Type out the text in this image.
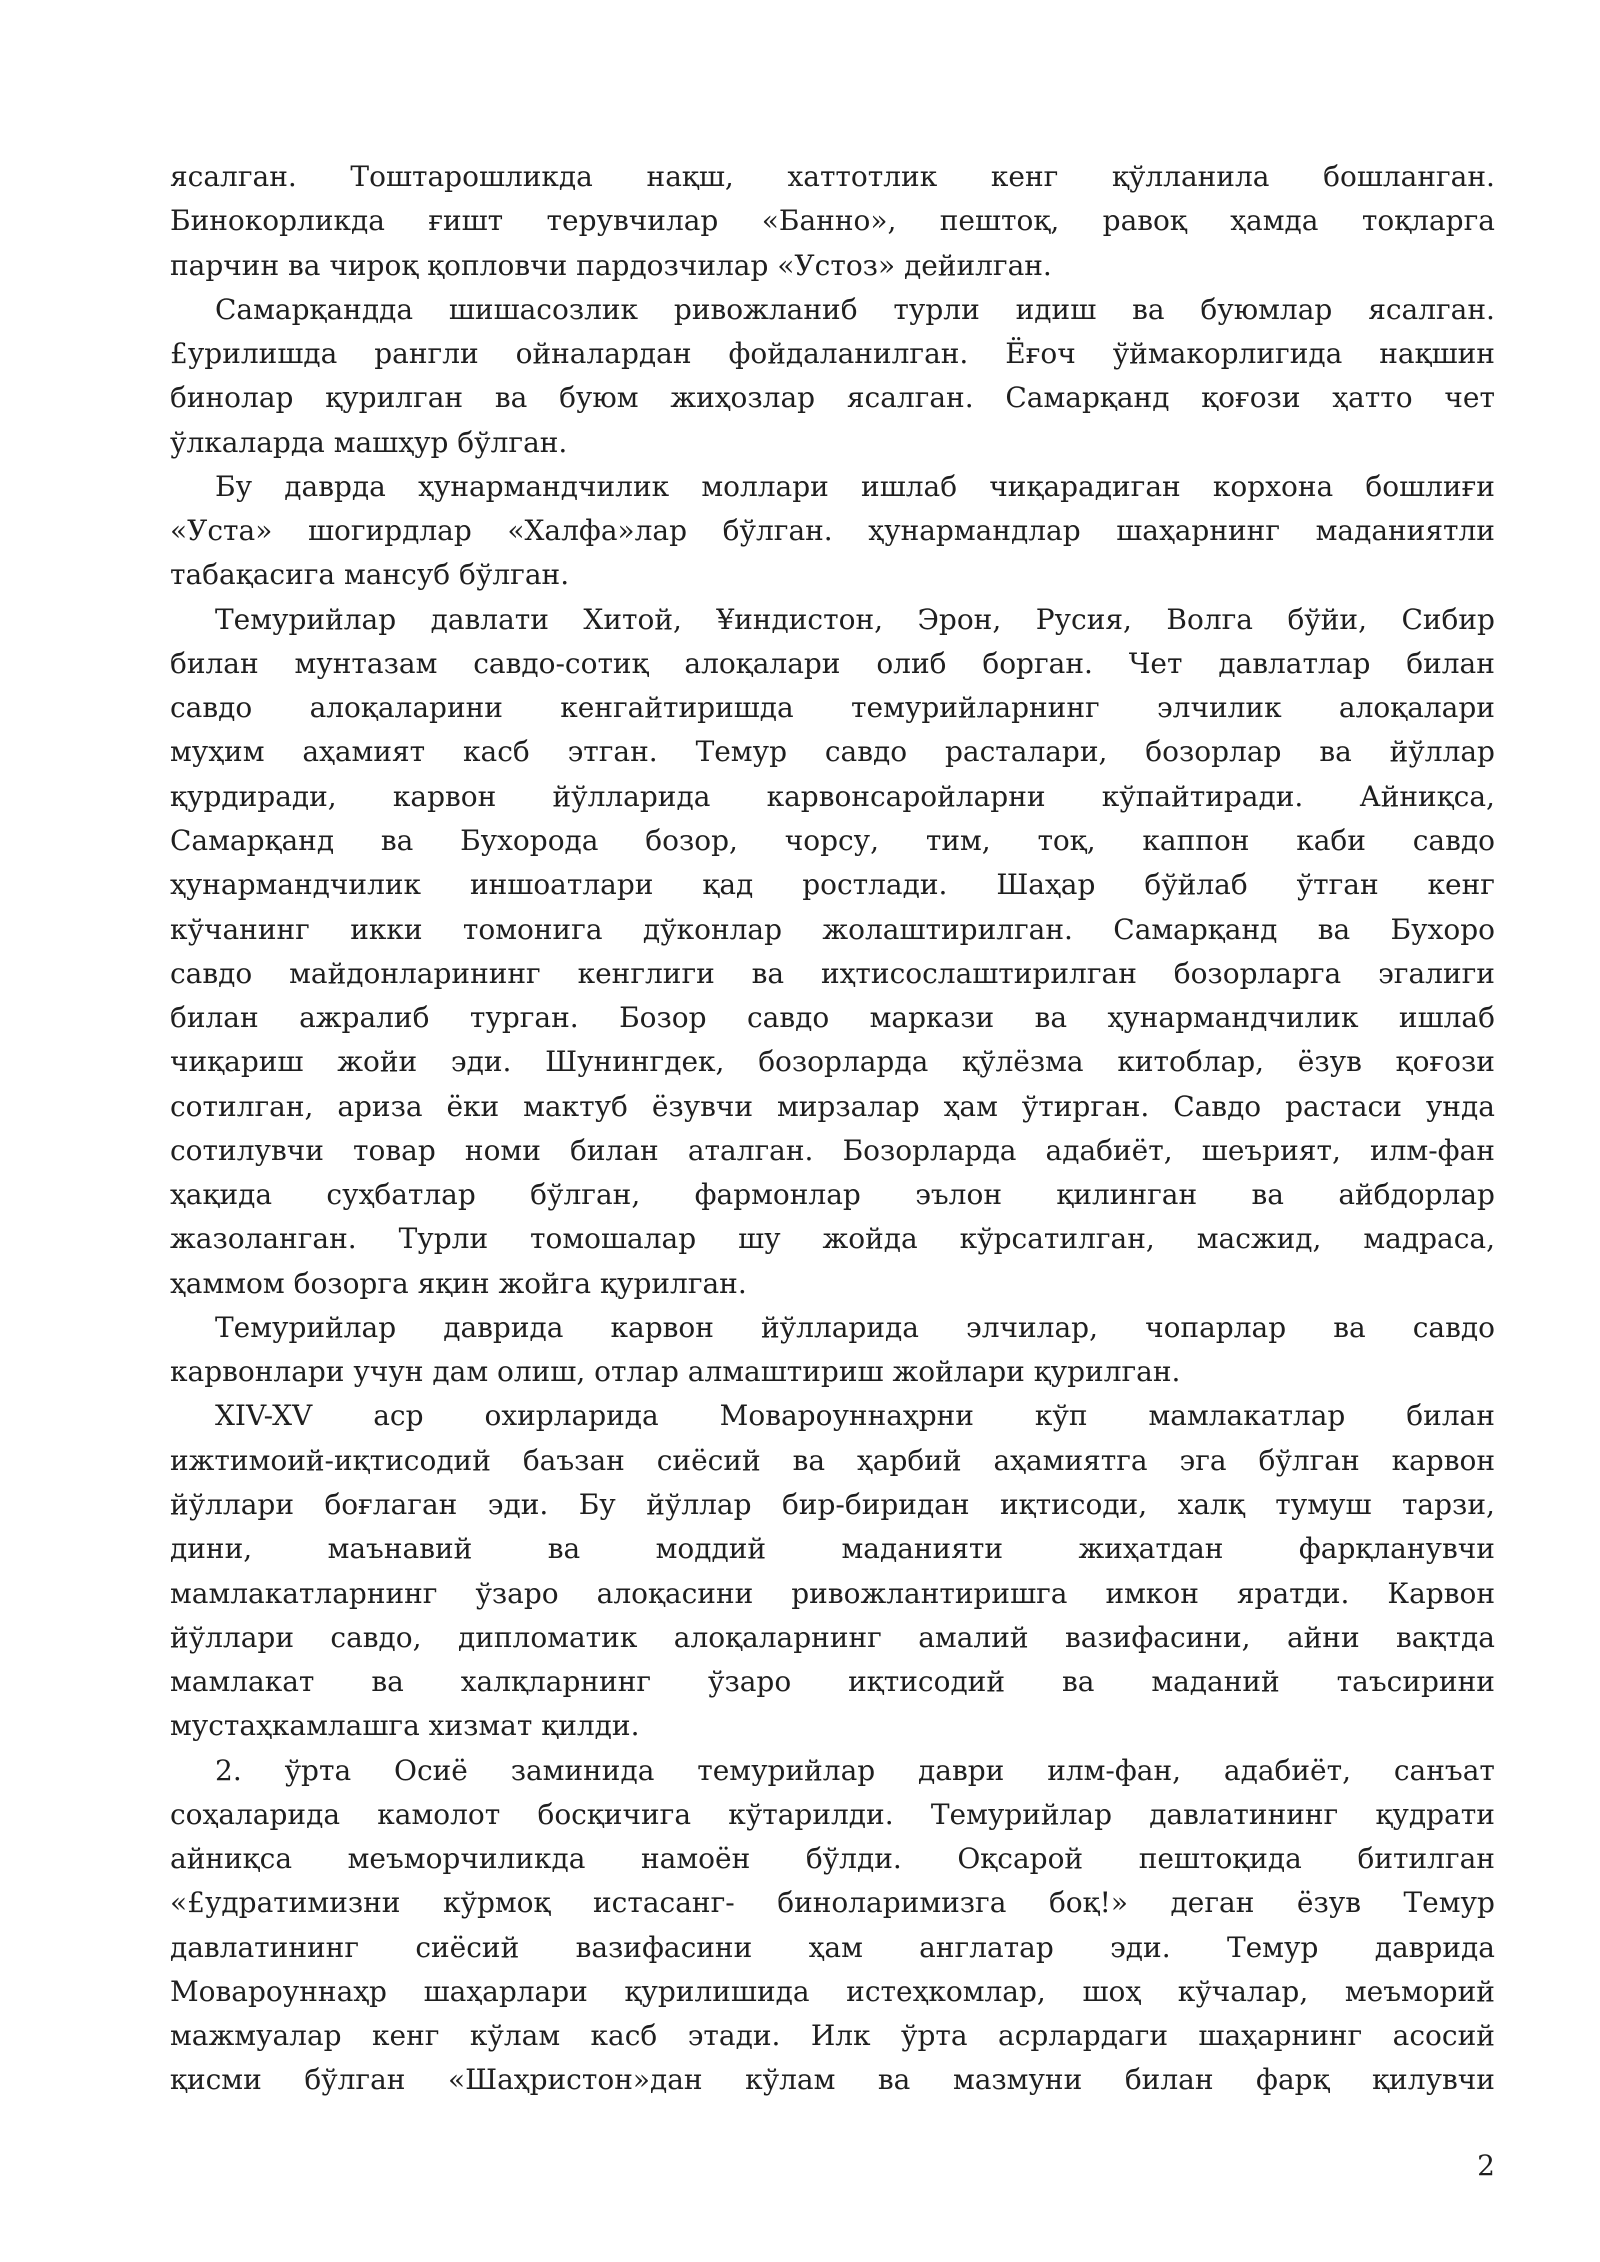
ясалган. Тоштарошликда нақш, хаттотлик кенг қўлланила бошланган.
Бинокорликда ғишт терувчилар «Банно», пештоқ, равоқ ҳамда тоқларга
парчин ва чироқ қопловчи пардозчилар «Устоз» дейилган.
Самарқандда шишасозлик ривожланиб турли идиш ва буюмлар ясалган.
£урилишда рангли ойналардан фойдаланилган. Ёғоч ўймакорлигида нақшин
бинолар қурилган ва буюм жиҳозлар ясалган. Самарқанд қоғози ҳатто чет
ўлкаларда машҳур бўлган.
Бу даврда ҳунармандчилик моллари ишлаб чиқарадиган корхона бошлиғи
«Уста» шогирдлар «Халфа»лар бўлган. ҳунармандлар шаҳарнинг маданиятли
табақасига мансуб бўлган.
Темурийлар давлати Хитой, ¥индистон, Эрон, Русия, Волга бўйи, Сибир
билан мунтазам савдо-сотиқ алоқалари олиб борган. Чет давлатлар билан
савдо алоқаларини кенгайтиришда темурийларнинг элчилик алоқалари
муҳим аҳамият касб этган. Темур савдо расталари, бозорлар ва йўллар
қурдиради, карвон йўлларида карвонсаройларни кўпайтиради. Айниқса,
Самарқанд ва Бухорода бозор, чорсу, тим, тоқ, каппон каби савдо
ҳунармандчилик иншоатлари қад ростлади. Шаҳар бўйлаб ўтган кенг
кўчанинг икки томонига дўконлар жолаштирилган. Самарқанд ва Бухоро
савдо майдонларининг кенглиги ва иҳтисослаштирилган бозорларга эгалиги
билан ажралиб турган. Бозор савдо маркази ва ҳунармандчилик ишлаб
чиқариш жойи эди. Шунингдек, бозорларда қўлёзма китоблар, ёзув қоғози
сотилган, ариза ёки мактуб ёзувчи мирзалар ҳам ўтирган. Савдо растаси унда
сотилувчи товар номи билан аталган. Бозорларда адабиёт, шеърият, илм-фан
ҳақида суҳбатлар бўлган, фармонлар эълон қилинган ва айбдорлар
жазоланган. Турли томошалар шу жойда кўрсатилган, масжид, мадраса,
ҳаммом бозорга яқин жойга қурилган.
Темурийлар даврида карвон йўлларида элчилар, чопарлар ва савдо
карвонлари учун дам олиш, отлар алмаштириш жойлари қурилган.
XIV-XV аср охирларида Мовароуннаҳрни кўп мамлакатлар билан
ижтимоий-иқтисодий баъзан сиёсий ва ҳарбий аҳамиятга эга бўлган карвон
йўллари боғлаган эди. Бу йўллар бир-биридан иқтисоди, халқ тумуш тарзи,
дини,	маънавий	ва	моддий	маданияти	жиҳатдан	фарқланувчи
мамлакатларнинг ўзаро алоқасини ривожлантиришга имкон яратди. Карвон
йўллари савдо, дипломатик алоқаларнинг амалий вазифасини, айни вақтда
мамлакат ва халқларнинг ўзаро иқтисодий ва маданий таъсирини
мустаҳкамлашга хизмат қилди.
2. ўрта Осиё заминида темурийлар даври илм-фан, адабиёт, санъат
соҳаларида камолот босқичига кўтарилди. Темурийлар давлатининг қудрати
айниқса меъморчиликда намоён бўлди. Оқсарой пештоқида битилган
«£удратимизни кўрмоқ истасанг- биноларимизга боқ!» деган ёзув Темур
давлатининг сиёсий вазифасини ҳам англатар эди. Темур даврида
Мовароуннаҳр шаҳарлари қурилишида истеҳкомлар, шоҳ кўчалар, меъморий
мажмуалар кенг кўлам касб этади. Илк ўрта асрлардаги шаҳарнинг асосий
қисми бўлган «Шаҳристон»дан кўлам ва мазмуни билан фарқ қилувчи
2
